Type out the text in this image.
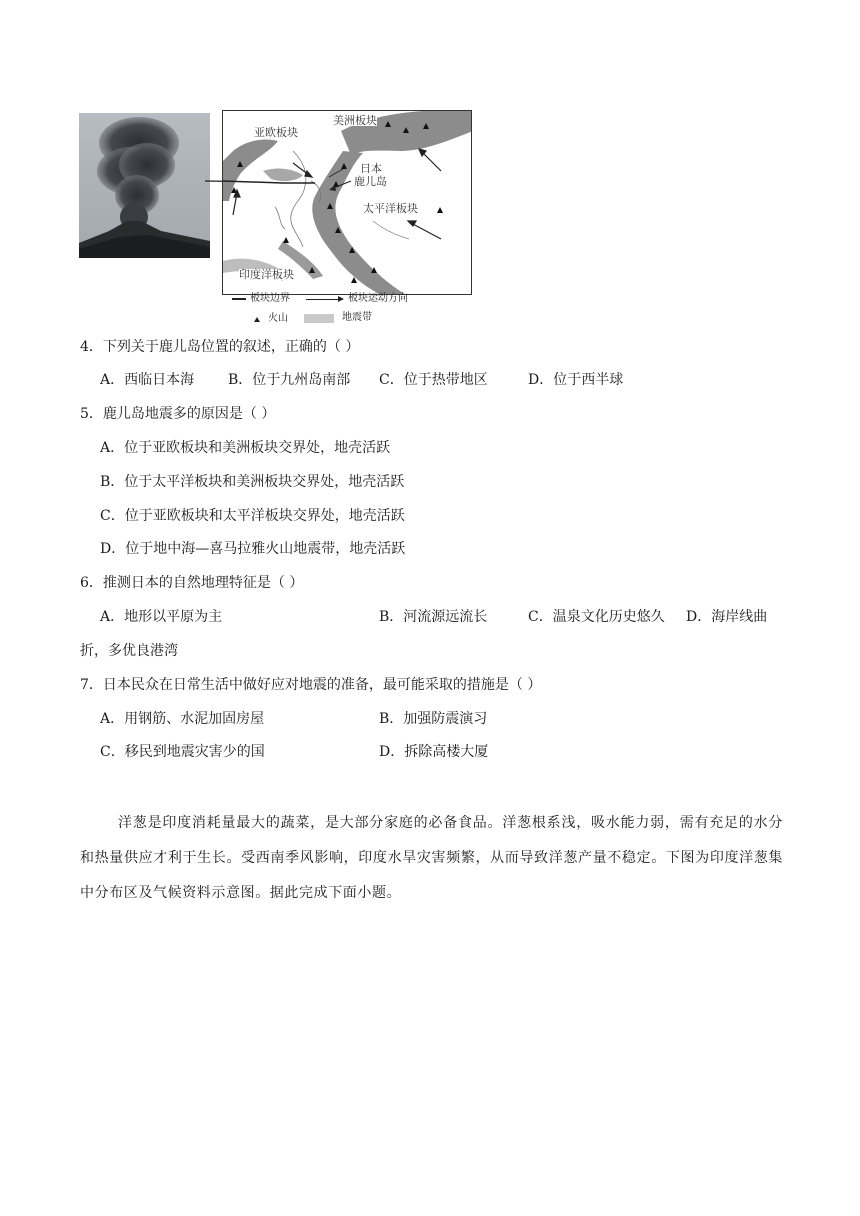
亚欧板块
美洲板块
日本
鹿儿岛
太平洋板块
印度洋板块
板块边界	板块运动方向
火山	地震带
4．下列关于鹿儿岛位置的叙述，正确的（ ）
A．西临日本海 B．位于九州岛南部 C．位于热带地区	D．位于西半球
5．鹿儿岛地震多的原因是（ ）
A．位于亚欧板块和美洲板块交界处，地壳活跃
B．位于太平洋板块和美洲板块交界处，地壳活跃
C．位于亚欧板块和太平洋板块交界处，地壳活跃
D．位于地中海—喜马拉雅火山地震带，地壳活跃
6．推测日本的自然地理特征是（ ）
A．地形以平原为主	B．河流源远流长	C．温泉文化历史悠久 D．海岸线曲
折，多优良港湾
7．日本民众在日常生活中做好应对地震的准备，最可能采取的措施是（ ）
A．用钢筋、水泥加固房屋	B．加强防震演习
C．移民到地震灾害少的国	D．拆除高楼大厦

洋葱是印度消耗量最大的蔬菜，是大部分家庭的必备食品。洋葱根系浅，吸水能力弱，需有充足的水分和热量供应才利于生长。受西南季风影响，印度水旱灾害频繁，从而导致洋葱产量不稳定。下图为印度洋葱集中分布区及气候资料示意图。据此完成下面小题。
